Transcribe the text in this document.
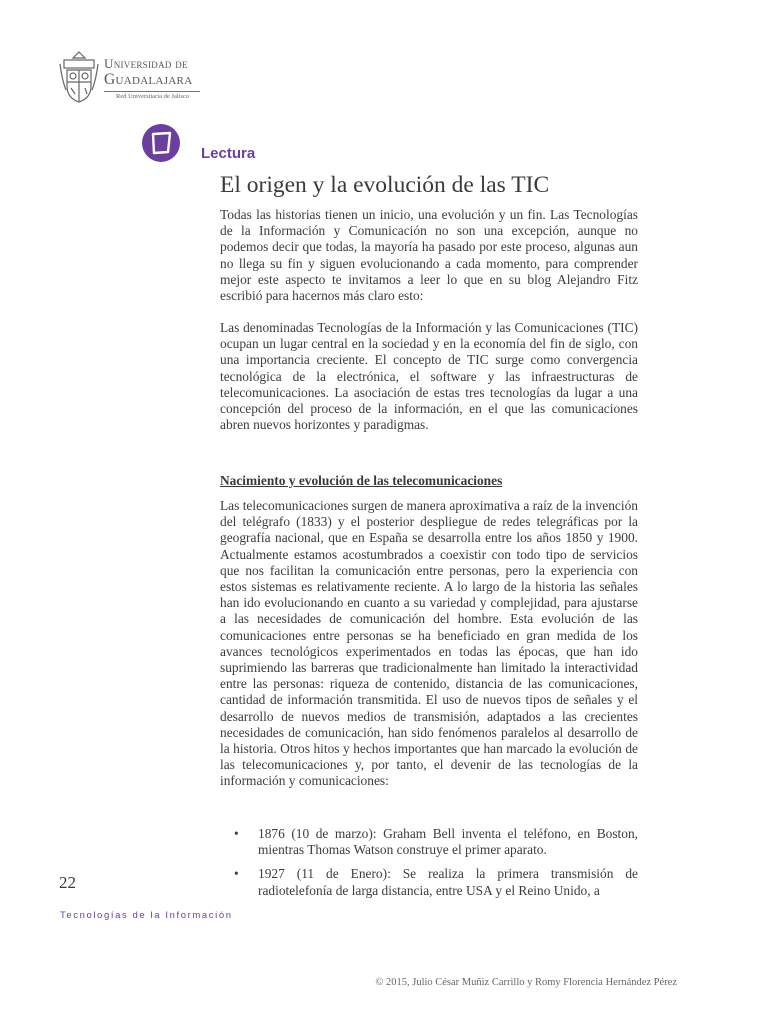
Universidad de
Guadalajara
Red Universitaria de Jalisco
Lectura
El origen y la evolución de las TIC

Todas las historias tienen un inicio, una evolución y un fin. Las Tecnologías de la Información y Comunicación no son una excepción, aunque no podemos decir que todas, la mayoría ha pasado por este proceso, algunas aun no llega su fin y siguen evolucionando a cada momento, para comprender mejor este aspecto te invitamos a leer lo que en su blog Alejandro Fitz escribió para hacernos más claro esto:

Las denominadas Tecnologías de la Información y las Comunicaciones (TIC) ocupan un lugar central en la sociedad y en la economía del fin de siglo, con una importancia creciente. El concepto de TIC surge como convergencia tecnológica de la electrónica, el software y las infraestructuras de telecomunicaciones. La asociación de estas tres tecnologías da lugar a una concepción del proceso de la información, en el que las comunicaciones abren nuevos horizontes y paradigmas.

Nacimiento y evolución de las telecomunicaciones

Las telecomunicaciones surgen de manera aproximativa a raíz de la invención del telégrafo (1833) y el posterior despliegue de redes telegráficas por la geografía nacional, que en España se desarrolla entre los años 1850 y 1900. Actualmente estamos acostumbrados a coexistir con todo tipo de servicios que nos facilitan la comunicación entre personas, pero la experiencia con estos sistemas es relativamente reciente. A lo largo de la historia las señales han ido evolucionando en cuanto a su variedad y complejidad, para ajustarse a las necesidades de comunicación del hombre. Esta evolución de las comunicaciones entre personas se ha beneficiado en gran medida de los avances tecnológicos experimentados en todas las épocas, que han ido suprimiendo las barreras que tradicionalmente han limitado la interactividad entre las personas: riqueza de contenido, distancia de las comunicaciones, cantidad de información transmitida. El uso de nuevos tipos de señales y el desarrollo de nuevos medios de transmisión, adaptados a las crecientes necesidades de comunicación, han sido fenómenos paralelos al desarrollo de la historia. Otros hitos y hechos importantes que han marcado la evolución de las telecomunicaciones y, por tanto, el devenir de las tecnologías de la información y comunicaciones:

• 1876 (10 de marzo): Graham Bell inventa el teléfono, en Boston, mientras Thomas Watson construye el primer aparato.
• 1927 (11 de Enero): Se realiza la primera transmisión de radiotelefonía de larga distancia, entre USA y el Reino Unido, a
22
Tecnologías de la Información
© 2015, Julio César Muñiz Carrillo y Romy Florencia Hernández Pérez
